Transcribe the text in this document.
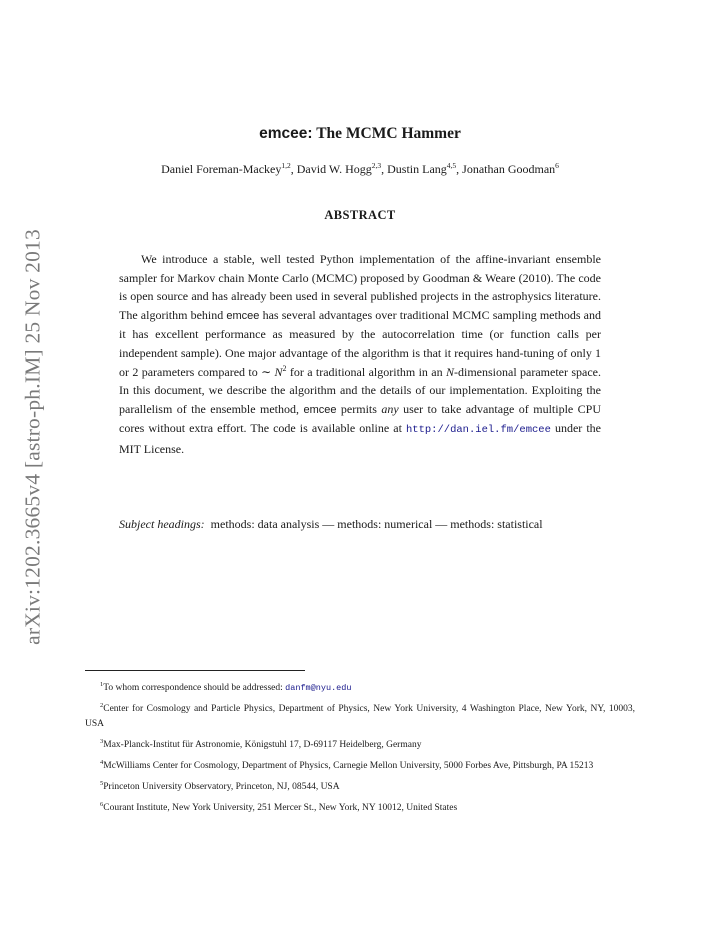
arXiv:1202.3665v4 [astro-ph.IM] 25 Nov 2013
emcee: The MCMC Hammer
Daniel Foreman-Mackey$^{1,2}$, David W. Hogg$^{2,3}$, Dustin Lang$^{4,5}$, Jonathan Goodman$^6$
ABSTRACT
We introduce a stable, well tested Python implementation of the affine-invariant ensemble sampler for Markov chain Monte Carlo (MCMC) proposed by Goodman & Weare (2010). The code is open source and has already been used in several published projects in the astrophysics literature. The algorithm behind emcee has several advantages over traditional MCMC sampling methods and it has excellent performance as measured by the autocorrelation time (or function calls per independent sample). One major advantage of the algorithm is that it requires hand-tuning of only 1 or 2 parameters compared to ∼ $N^2$ for a traditional algorithm in an N-dimensional parameter space. In this document, we describe the algorithm and the details of our implementation. Exploiting the parallelism of the ensemble method, emcee permits any user to take advantage of multiple CPU cores without extra effort. The code is available online at http://dan.iel.fm/emcee under the MIT License.
Subject headings: methods: data analysis — methods: numerical — methods: statistical

$^1$To whom correspondence should be addressed: danfm@nyu.edu

$^2$Center for Cosmology and Particle Physics, Department of Physics, New York University, 4 Washington Place, New York, NY, 10003, USA

$^3$Max-Planck-Institut für Astronomie, Königstuhl 17, D-69117 Heidelberg, Germany

$^4$McWilliams Center for Cosmology, Department of Physics, Carnegie Mellon University, 5000 Forbes Ave, Pittsburgh, PA 15213

$^5$Princeton University Observatory, Princeton, NJ, 08544, USA

$^6$Courant Institute, New York University, 251 Mercer St., New York, NY 10012, United States
